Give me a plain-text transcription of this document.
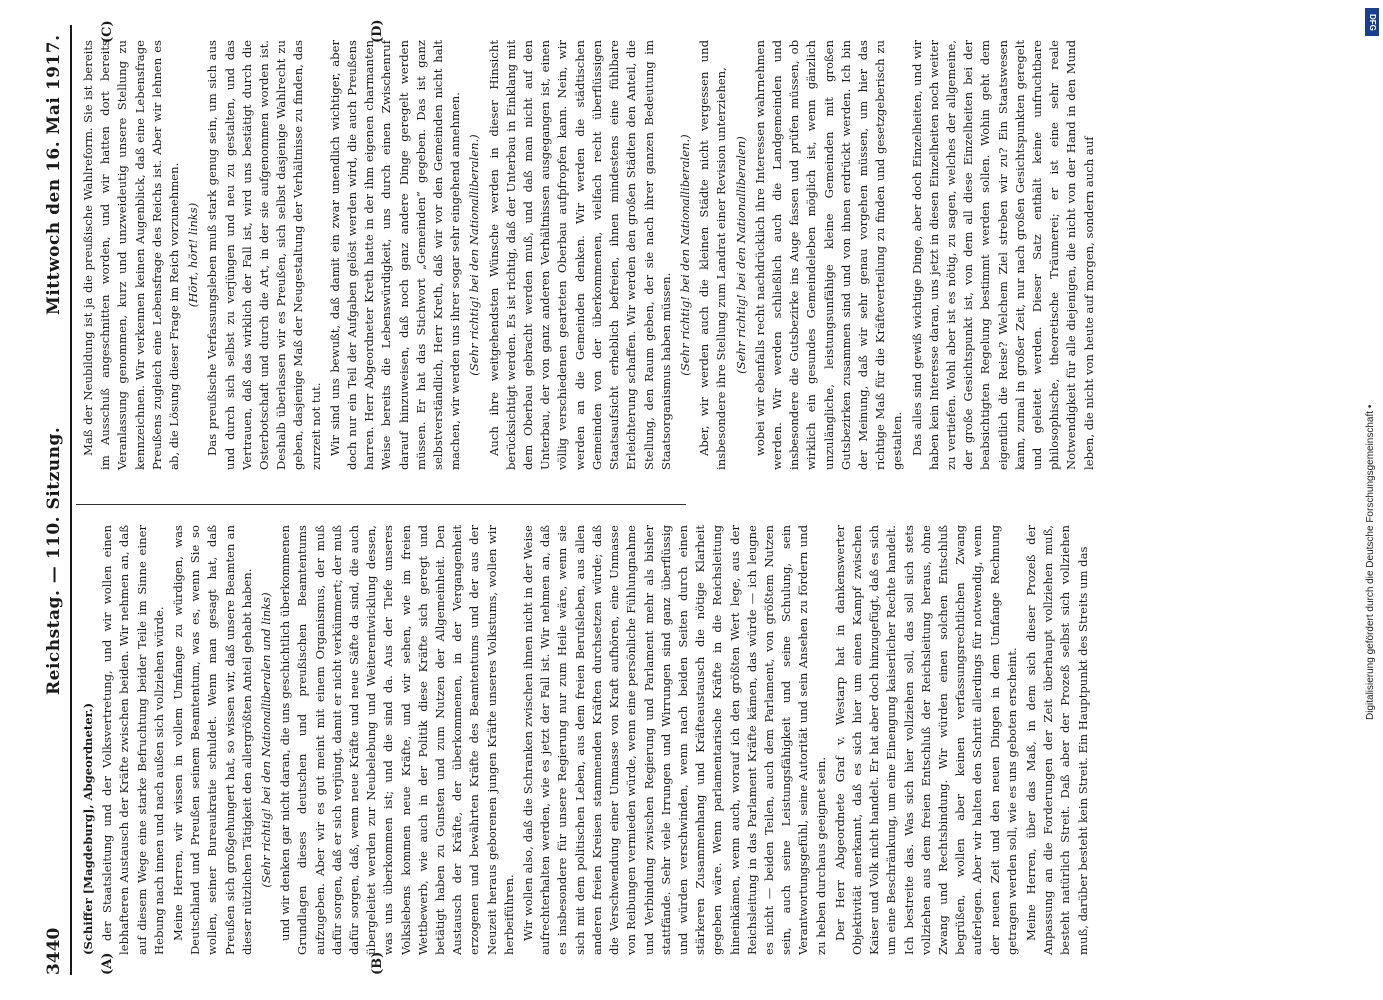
3440
Reichstag. — 110. Sitzung.
Mittwoch den 16. Mai 1917.
(A)	(B)
(C)	(D)

(Schiffer [Magdeburg], Abgeordneter.) der Staatsleitung und der Volksvertretung, und wir wollen einen lebhafteren Austausch der Kräfte zwischen beiden. Wir nehmen an, daß auf diesem Wege eine starke Befruchtung beider Teile im Sinne einer Hebung nach innen und nach außen sich vollziehen würde. Meine Herren, wir wissen in vollem Umfange zu würdigen, was Deutschland und Preußen seinem Beamtentum, was es, wenn Sie so wollen, seiner Bureaukratie schuldet. Wenn man gesagt hat, daß Preußen sich großgehungert hat, so wissen wir, daß unsere Beamten an dieser nützlichen Tätigkeit den allergrößten Anteil gehabt haben. (Sehr richtig! bei den Nationalliberalen und links) und wir denken gar nicht daran, die uns geschichtlich überkommenen Grundlagen dieses deutschen und preußischen Beamtentums aufzugeben. Aber wir es gut meint mit einem Organismus, der muß dafür sorgen, daß er sich verjüngt, damit er nicht verkümmert; der muß dafür sorgen, daß, wenn neue Kräfte und neue Säfte da sind, die auch übergeleitet werden zur Neubelebung und Weiterentwicklung dessen, was uns überkommen ist; und die sind da. Aus der Tiefe unseres Volkslebens kommen neue Kräfte, und wir sehen, wie im freien Wettbewerb, wie auch in der Politik diese Kräfte sich geregt und betätigt haben zu Gunsten und zum Nutzen der Allgemeinheit. Den Austausch der Kräfte, der überkommenen, in der Vergangenheit erzogenen und bewährten Kräfte des Beamtentums und der aus der Neuzeit heraus geborenen jungen Kräfte unseres Volkstums, wollen wir herbeiführen. Wir wollen also, daß die Schranken zwischen ihnen nicht in der Weise aufrechterhalten werden, wie es jetzt der Fall ist. Wir nehmen an, daß es insbesondere für unsere Regierung nur zum Heile wäre, wenn sie sich mit dem politischen Leben, aus dem freien Berufsleben, aus allen anderen freien Kreisen stammenden Kräften durchsetzen würde; daß die Verschwendung einer Unmasse von Kraft aufhören, eine Unmasse von Reibungen vermieden würde, wenn eine persönliche Fühlungnahme und Verbindung zwischen Regierung und Parlament mehr als bisher stattfände. Sehr viele Irrungen und Wirrungen sind ganz überflüssig und würden verschwinden, wenn nach beiden Seiten durch einen stärkeren Zusammenhang und Kräfteaustausch die nötige Klarheit gegeben wäre. Wenn parlamentarische Kräfte in die Reichsleitung hineinkämen, wenn auch, worauf ich den größten Wert lege, aus der Reichsleitung in das Parlament Kräfte kämen, das würde — ich leugne es nicht — beiden Teilen, auch dem Parlament, von größtem Nutzen sein, auch seine Leistungsfähigkeit und seine Schulung, sein Verantwortungsgefühl, seine Autorität und sein Ansehen zu fördern und zu heben durchaus geeignet sein. Der Herr Abgeordnete Graf v. Westarp hat in dankenswerter Objektivität anerkannt, daß es sich hier um einen Kampf zwischen Kaiser und Volk nicht handelt. Er hat aber doch hinzugefügt, daß es sich um eine Beschränkung, um eine Einengung kaiserlicher Rechte handelt. Ich bestreite das. Was sich hier vollziehen soll, das soll sich stets vollziehen aus dem freien Entschluß der Reichsleitung heraus, ohne Zwang und Rechtsbindung. Wir würden einen solchen Entschluß begrüßen, wollen aber keinen verfassungsrechtlichen Zwang auferlegen. Aber wir halten den Schritt allerdings für notwendig, wenn der neuen Zeit und den neuen Dingen in dem Umfange Rechnung getragen werden soll, wie es uns geboten erscheint. Meine Herren, über das Maß, in dem sich dieser Prozeß der Anpassung an die Forderungen der Zeit überhaupt vollziehen muß, besteht natürlich Streit. Daß aber der Prozeß selbst sich vollziehen muß, darüber besteht kein Streit. Ein Hauptpunkt des Streits um das

Maß der Neubildung ist ja die preußische Wahlreform. Sie ist bereits im Ausschuß angeschnitten worden, und wir hatten dort bereits Veranlassung genommen, kurz und unzweideutig unsere Stellung zu kennzeichnen. Wir verkennen keinen Augenblick, daß eine Lebensfrage Preußens zugleich eine Lebensfrage des Reichs ist. Aber wir lehnen es ab, die Lösung dieser Frage im Reich vorzunehmen. (Hört, hört! links) Das preußische Verfassungsleben muß stark genug sein, um sich aus und durch sich selbst zu verjüngen und neu zu gestalten, und das Vertrauen, daß das wirklich der Fall ist, wird uns bestätigt durch die Osterbotschaft und durch die Art, in der sie aufgenommen worden ist. Deshalb überlassen wir es Preußen, sich selbst dasjenige Wahlrecht zu geben, dasjenige Maß der Neugestaltung der Verhältnisse zu finden, das zurzeit not tut. Wir sind uns bewußt, daß damit ein zwar unendlich wichtiger, aber doch nur ein Teil der Aufgaben gelöst werden wird, die auch Preußens harren. Herr Abgeordneter Kreth hatte in der ihm eigenen charmanten Weise bereits die Lebenswürdigkeit, uns durch einen Zwischenruf darauf hinzuweisen, daß noch ganz andere Dinge geregelt werden müssen. Er hat das Stichwort „Gemeinden“ gegeben. Das ist ganz selbstverständlich, Herr Kreth, daß wir vor den Gemeinden nicht halt machen, wir werden uns ihrer sogar sehr eingehend annehmen. (Sehr richtig! bei den Nationalliberalen.) Auch ihre weitgehendsten Wünsche werden in dieser Hinsicht berücksichtigt werden. Es ist richtig, daß der Unterbau in Einklang mit dem Oberbau gebracht werden muß, und daß man nicht auf den Unterbau, der von ganz anderen Verhältnissen ausgegangen ist, einen völlig verschiedenen gearteten Oberbau aufpfropfen kann. Nein, wir werden an die Gemeinden denken. Wir werden die städtischen Gemeinden von der überkommenen, vielfach recht überflüssigen Staatsaufsicht erheblich befreien, ihnen mindestens eine fühlbare Erleichterung schaffen. Wir werden den großen Städten den Anteil, die Stellung, den Raum geben, der sie nach ihrer ganzen Bedeutung im Staatsorganismus haben müssen. (Sehr richtig! bei den Nationalliberalen.) Aber, wir werden auch die kleinen Städte nicht vergessen und insbesondere ihre Stellung zum Landrat einer Revision unterziehen, (Sehr richtig! bei den Nationalliberalen) wobei wir ebenfalls recht nachdrücklich ihre Interessen wahrnehmen werden. Wir werden schließlich auch die Landgemeinden und insbesondere die Gutsbezirke ins Auge fassen und prüfen müssen, ob wirklich ein gesundes Gemeindeleben möglich ist, wenn gänzlich unzulängliche, leistungsunfähige kleine Gemeinden mit großen Gutsbezirken zusammen sind und von ihnen erdrückt werden. Ich bin der Meinung, daß wir sehr genau vorgehen müssen, um hier das richtige Maß für die Kräfteverteilung zu finden und gesetzgeberisch zu gestalten. Das alles sind gewiß wichtige Dinge, aber doch Einzelheiten, und wir haben kein Interesse daran, uns jetzt in diesen Einzelheiten noch weiter zu vertiefen. Wohl aber ist es nötig, zu sagen, welches der allgemeine, der große Gesichtspunkt ist, von dem all diese Einzelheiten bei der beabsichtigten Regelung bestimmt werden sollen. Wohin geht dem eigentlich die Reise? Welchem Ziel streben wir zu? Ein Staatswesen kann, zumal in großer Zeit, nur nach großen Gesichtspunkten geregelt und geleitet werden. Dieser Satz enthält keine unfruchtbare philosophische, theoretische Träumerei; er ist eine sehr reale Notwendigkeit für alle diejenigen, die nicht von der Hand in den Mund leben, die nicht von heute auf morgen, sondern auch auf

DFG
Digitalisierung gefördert durch die Deutsche Forschungsgemeinschaft •
